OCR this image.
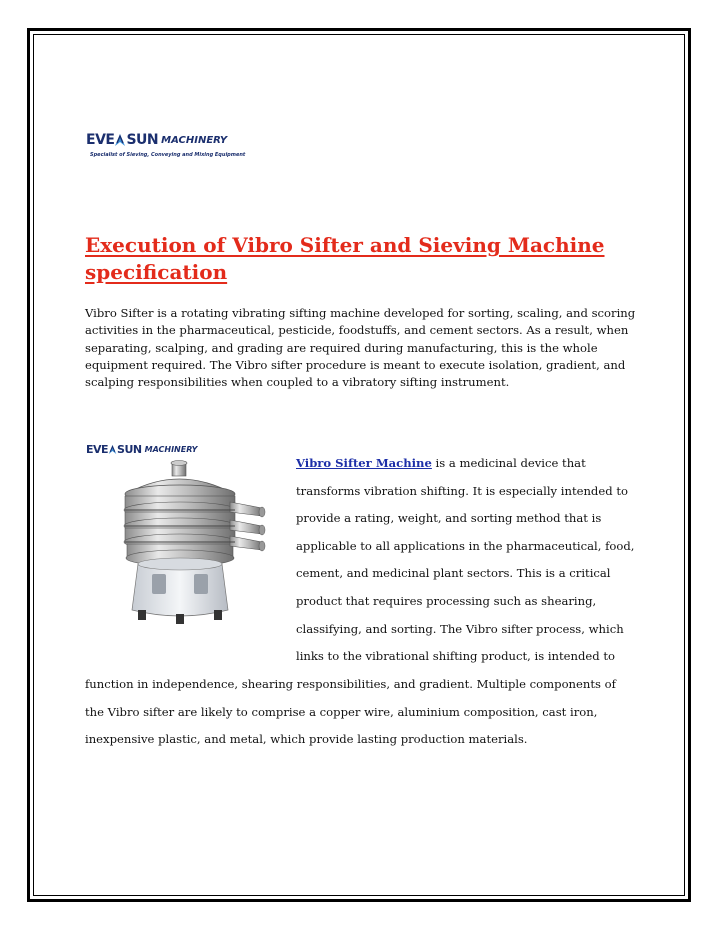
EVE SUN MACHINERY
Specialist of Sieving, Conveying and Mixing Equipment
Execution of Vibro Sifter and Sieving Machine specification

Vibro Sifter is a rotating vibrating sifting machine developed for sorting, scaling, and scoring activities in the pharmaceutical, pesticide, foodstuffs, and cement sectors. As a result, when separating, scalping, and grading are required during manufacturing, this is the whole equipment required. The Vibro sifter procedure is meant to execute isolation, gradient, and scalping responsibilities when coupled to a vibratory sifting instrument.

EVE SUN MACHINERY
Vibro Sifter Machine is a medicinal device that
transforms vibration shifting. It is especially intended to
provide a rating, weight, and sorting method that is
applicable to all applications in the pharmaceutical, food,
cement, and medicinal plant sectors. This is a critical
product that requires processing such as shearing,
classifying, and sorting. The Vibro sifter process, which
links to the vibrational shifting product, is intended to
function in independence, shearing responsibilities, and gradient. Multiple components of
the Vibro sifter are likely to comprise a copper wire, aluminium composition, cast iron,
inexpensive plastic, and metal, which provide lasting production materials.
